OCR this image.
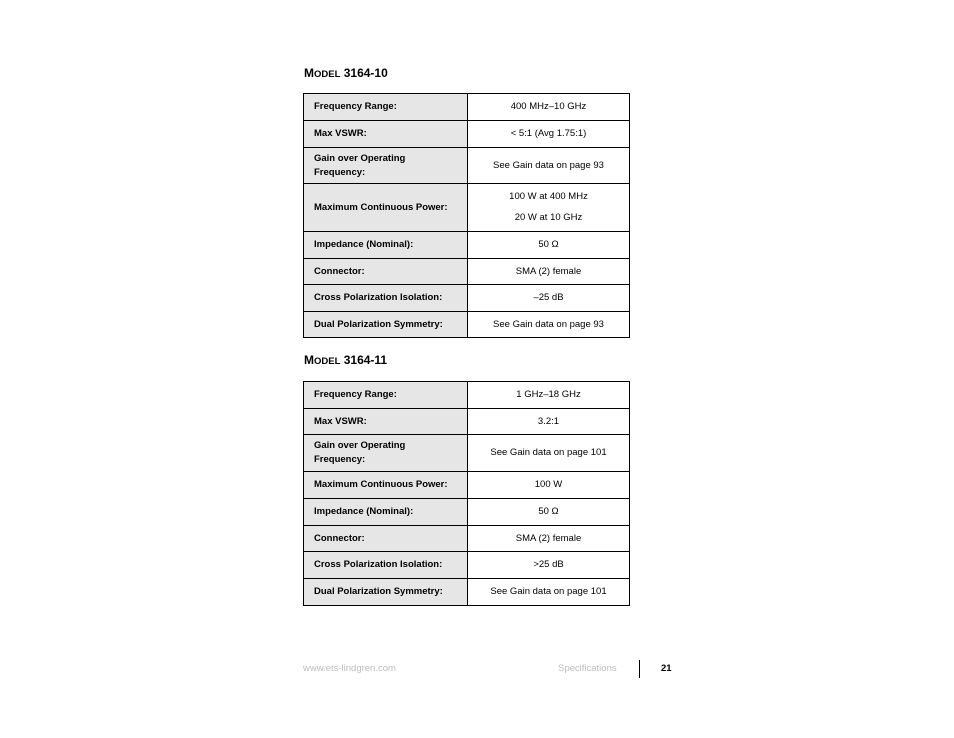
MODEL 3164-10
Frequency Range:	400 MHz–10 GHz
Max VSWR:	< 5:1 (Avg 1.75:1)
Gain over Operating Frequency:	See Gain data on page 93
Maximum Continuous Power:	100 W at 400 MHz
20 W at 10 GHz

Impedance (Nominal):	50 Ω
Connector:	SMA (2) female
Cross Polarization Isolation:	–25 dB
Dual Polarization Symmetry:	See Gain data on page 93
MODEL 3164-11
Frequency Range:	1 GHz–18 GHz
Max VSWR:	3.2:1
Gain over Operating Frequency:	See Gain data on page 101
Maximum Continuous Power:	100 W
Impedance (Nominal):	50 Ω
Connector:	SMA (2) female
Cross Polarization Isolation:	>25 dB
Dual Polarization Symmetry:	See Gain data on page 101
www.ets-lindgren.com	Specifications	21
